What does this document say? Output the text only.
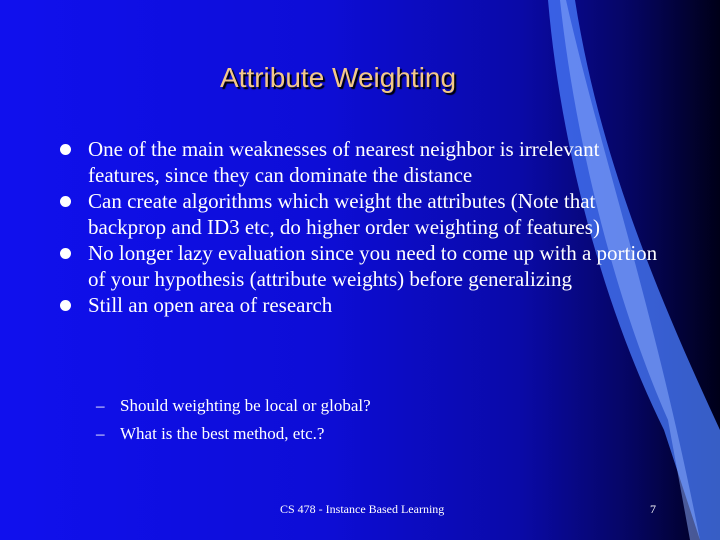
Attribute Weighting
One of the main weaknesses of nearest neighbor is irrelevant features, since they can dominate the distance
Can create algorithms which weight the attributes (Note that backprop and ID3 etc, do higher order weighting of features)
No longer lazy evaluation since you need to come up with a portion of your hypothesis (attribute weights) before generalizing
Still an open area of research
– Should weighting be local or global?
– What is the best method, etc.?
CS 478 - Instance Based Learning	7
